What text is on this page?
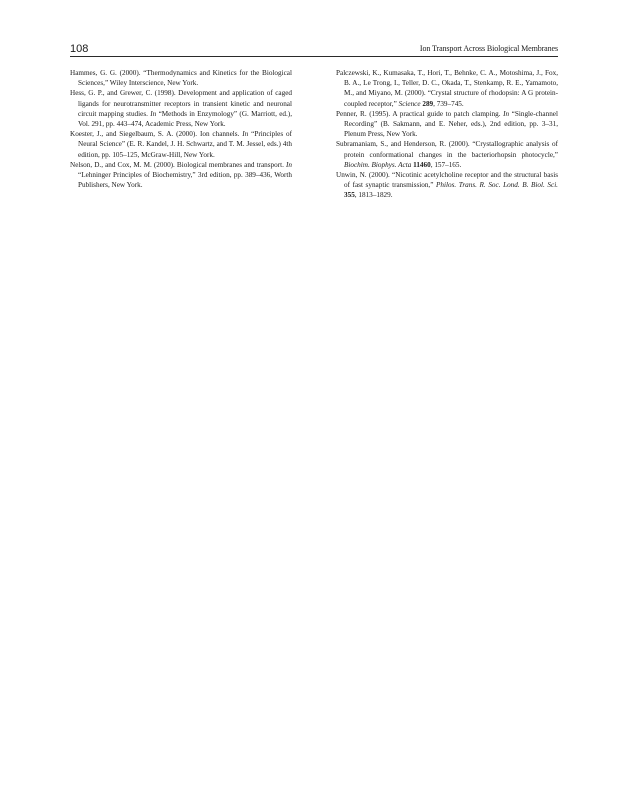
108	Ion Transport Across Biological Membranes

Hammes, G. G. (2000). “Thermodynamics and Kinetics for the Biological Sciences,” Wiley Interscience, New York.

Hess, G. P., and Grewer, C. (1998). Development and application of caged ligands for neurotransmitter receptors in transient kinetic and neuronal circuit mapping studies. In “Methods in Enzymology” (G. Marriott, ed.), Vol. 291, pp. 443–474, Academic Press, New York.

Koester, J., and Siegelbaum, S. A. (2000). Ion channels. In “Principles of Neural Science” (E. R. Kandel, J. H. Schwartz, and T. M. Jessel, eds.) 4th edition, pp. 105–125, McGraw-Hill, New York.

Nelson, D., and Cox, M. M. (2000). Biological membranes and transport. In “Lehninger Principles of Biochemistry,” 3rd edition, pp. 389–436, Worth Publishers, New York.

Palczewski, K., Kumasaka, T., Hori, T., Behnke, C. A., Motoshima, J., Fox, B. A., Le Trong, I., Teller, D. C., Okada, T., Stenkamp, R. E., Yamamoto, M., and Miyano, M. (2000). “Crystal structure of rhodopsin: A G protein-coupled receptor,” Science 289, 739–745.

Penner, R. (1995). A practical guide to patch clamping. In “Single-channel Recording” (B. Sakmann, and E. Neher, eds.), 2nd edition, pp. 3–31, Plenum Press, New York.

Subramaniam, S., and Henderson, R. (2000). “Crystallographic analysis of protein conformational changes in the bacteriorhopsin photocycle,” Biochim. Biophys. Acta 11460, 157–165.

Unwin, N. (2000). “Nicotinic acetylcholine receptor and the structural basis of fast synaptic transmission,” Philos. Trans. R. Soc. Lond. B. Biol. Sci. 355, 1813–1829.
